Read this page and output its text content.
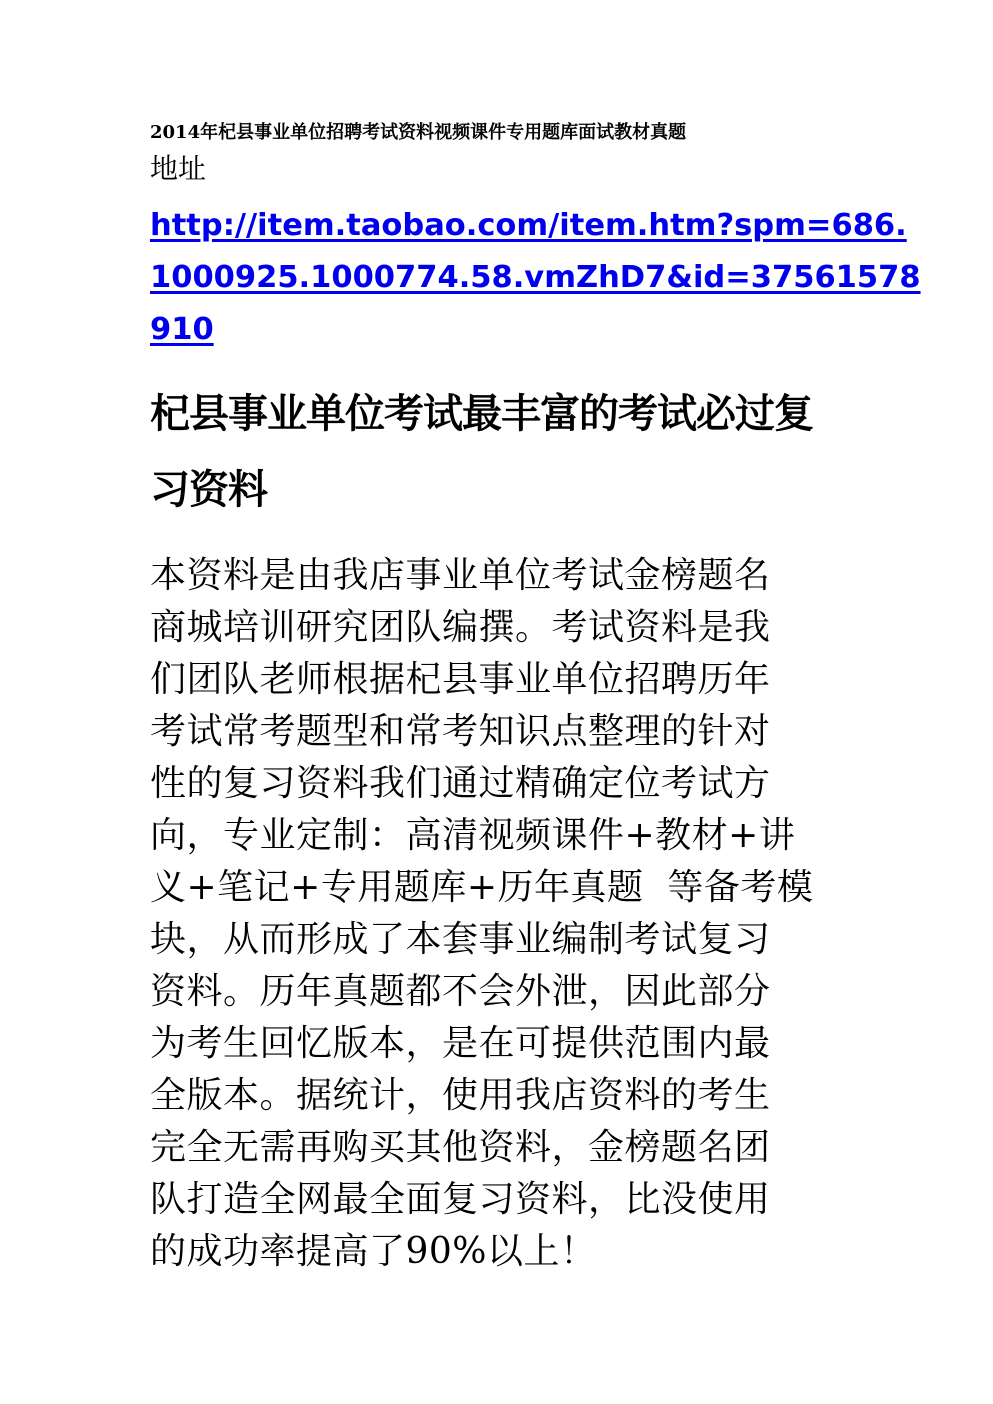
2014年杞县事业单位招聘考试资料视频课件专用题库面试教材真题

地址

http://item.taobao.com/item.htm?spm=686.
1000925.1000774.58.vmZhD7&id=37561578
910
杞县事业单位考试最丰富的考试必过复
习资料
本资料是由我店事业单位考试金榜题名
商城培训研究团队编撰。考试资料是我
们团队老师根据杞县事业单位招聘历年
考试常考题型和常考知识点整理的针对
性的复习资料我们通过精确定位考试方
向，专业定制：高清视频课件+教材+讲
义+笔记+专用题库+历年真题  等备考模
块，从而形成了本套事业编制考试复习
资料。历年真题都不会外泄，因此部分
为考生回忆版本，是在可提供范围内最
全版本。据统计，使用我店资料的考生
完全无需再购买其他资料，金榜题名团
队打造全网最全面复习资料，比没使用
的成功率提高了90%以上！
